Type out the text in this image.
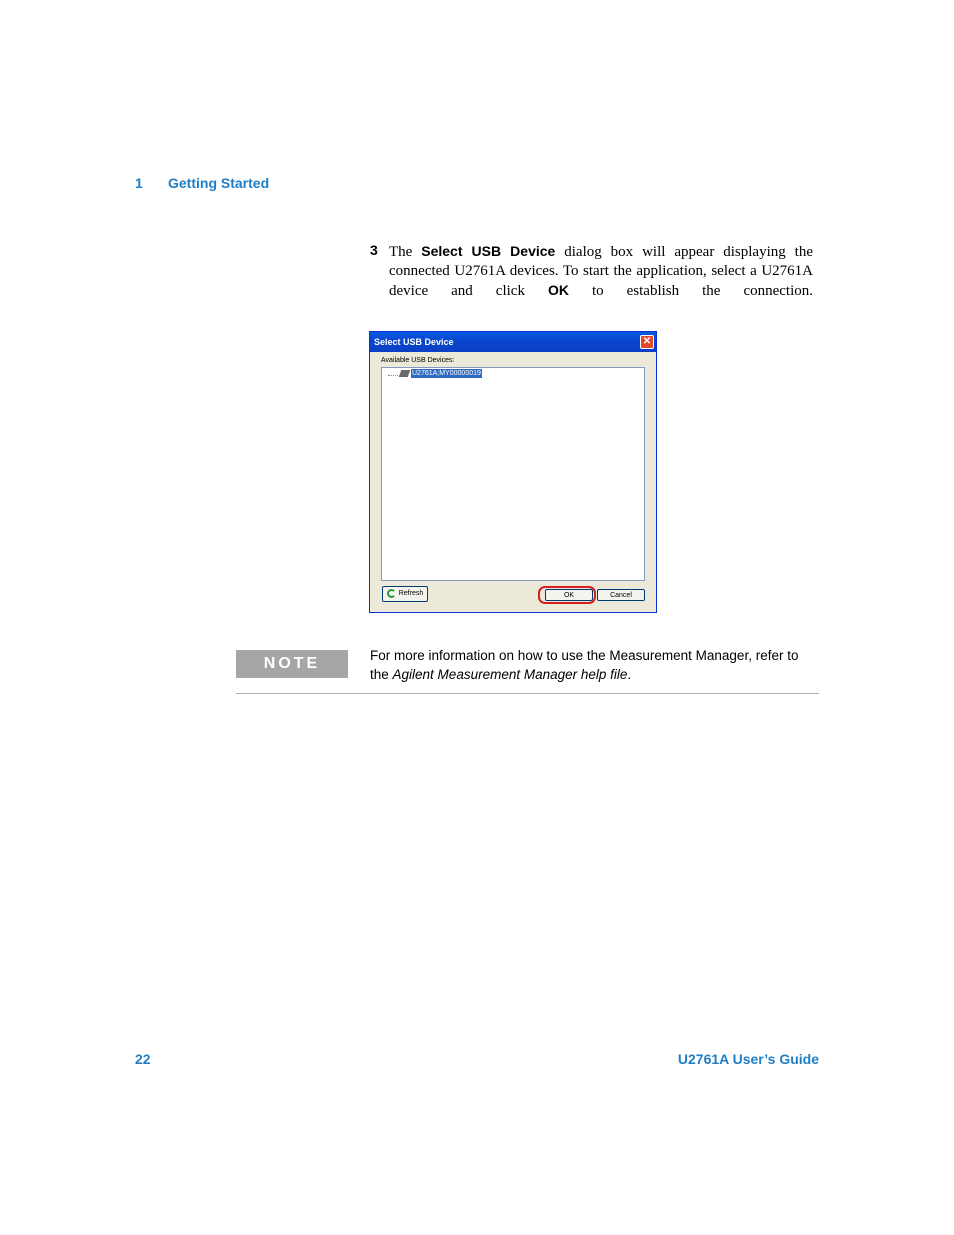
1 Getting Started
3 The Select USB Device dialog box will appear displaying the connected U2761A devices. To start the application, select a U2761A device and click OK to establish the connection.
Select USB Device	✕
Available USB Devices:
U2761A;MY00000019
Refresh	OK	Cancel
NOTE	For more information on how to use the Measurement Manager, refer to the Agilent Measurement Manager help file.
22	U2761A User’s Guide
